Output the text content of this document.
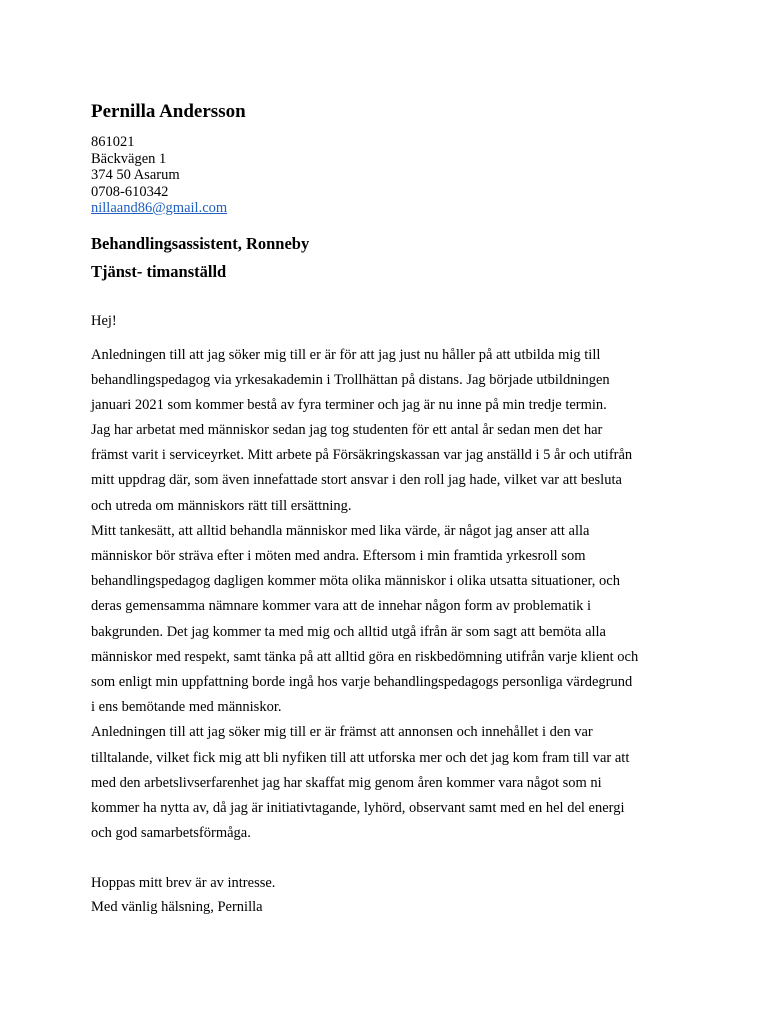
Pernilla Andersson
861021
Bäckvägen 1
374 50 Asarum
0708-610342
nillaand86@gmail.com
Behandlingsassistent, Ronneby
Tjänst- timanställd
Hej!
Anledningen till att jag söker mig till er är för att jag just nu håller på att utbilda mig till
behandlingspedagog via yrkesakademin i Trollhättan på distans. Jag började utbildningen
januari 2021 som kommer bestå av fyra terminer och jag är nu inne på min tredje termin.
Jag har arbetat med människor sedan jag tog studenten för ett antal år sedan men det har
främst varit i serviceyrket. Mitt arbete på Försäkringskassan var jag anställd i 5 år och utifrån
mitt uppdrag där, som även innefattade stort ansvar i den roll jag hade, vilket var att besluta
och utreda om människors rätt till ersättning.
Mitt tankesätt, att alltid behandla människor med lika värde, är något jag anser att alla
människor bör sträva efter i möten med andra. Eftersom i min framtida yrkesroll som
behandlingspedagog dagligen kommer möta olika människor i olika utsatta situationer, och
deras gemensamma nämnare kommer vara att de innehar någon form av problematik i
bakgrunden. Det jag kommer ta med mig och alltid utgå ifrån är som sagt att bemöta alla
människor med respekt, samt tänka på att alltid göra en riskbedömning utifrån varje klient och
som enligt min uppfattning borde ingå hos varje behandlingspedagogs personliga värdegrund
i ens bemötande med människor.
Anledningen till att jag söker mig till er är främst att annonsen och innehållet i den var
tilltalande, vilket fick mig att bli nyfiken till att utforska mer och det jag kom fram till var att
med den arbetslivserfarenhet jag har skaffat mig genom åren kommer vara något som ni
kommer ha nytta av, då jag är initiativtagande, lyhörd, observant samt med en hel del energi
och god samarbetsförmåga.
Hoppas mitt brev är av intresse.
Med vänlig hälsning, Pernilla
